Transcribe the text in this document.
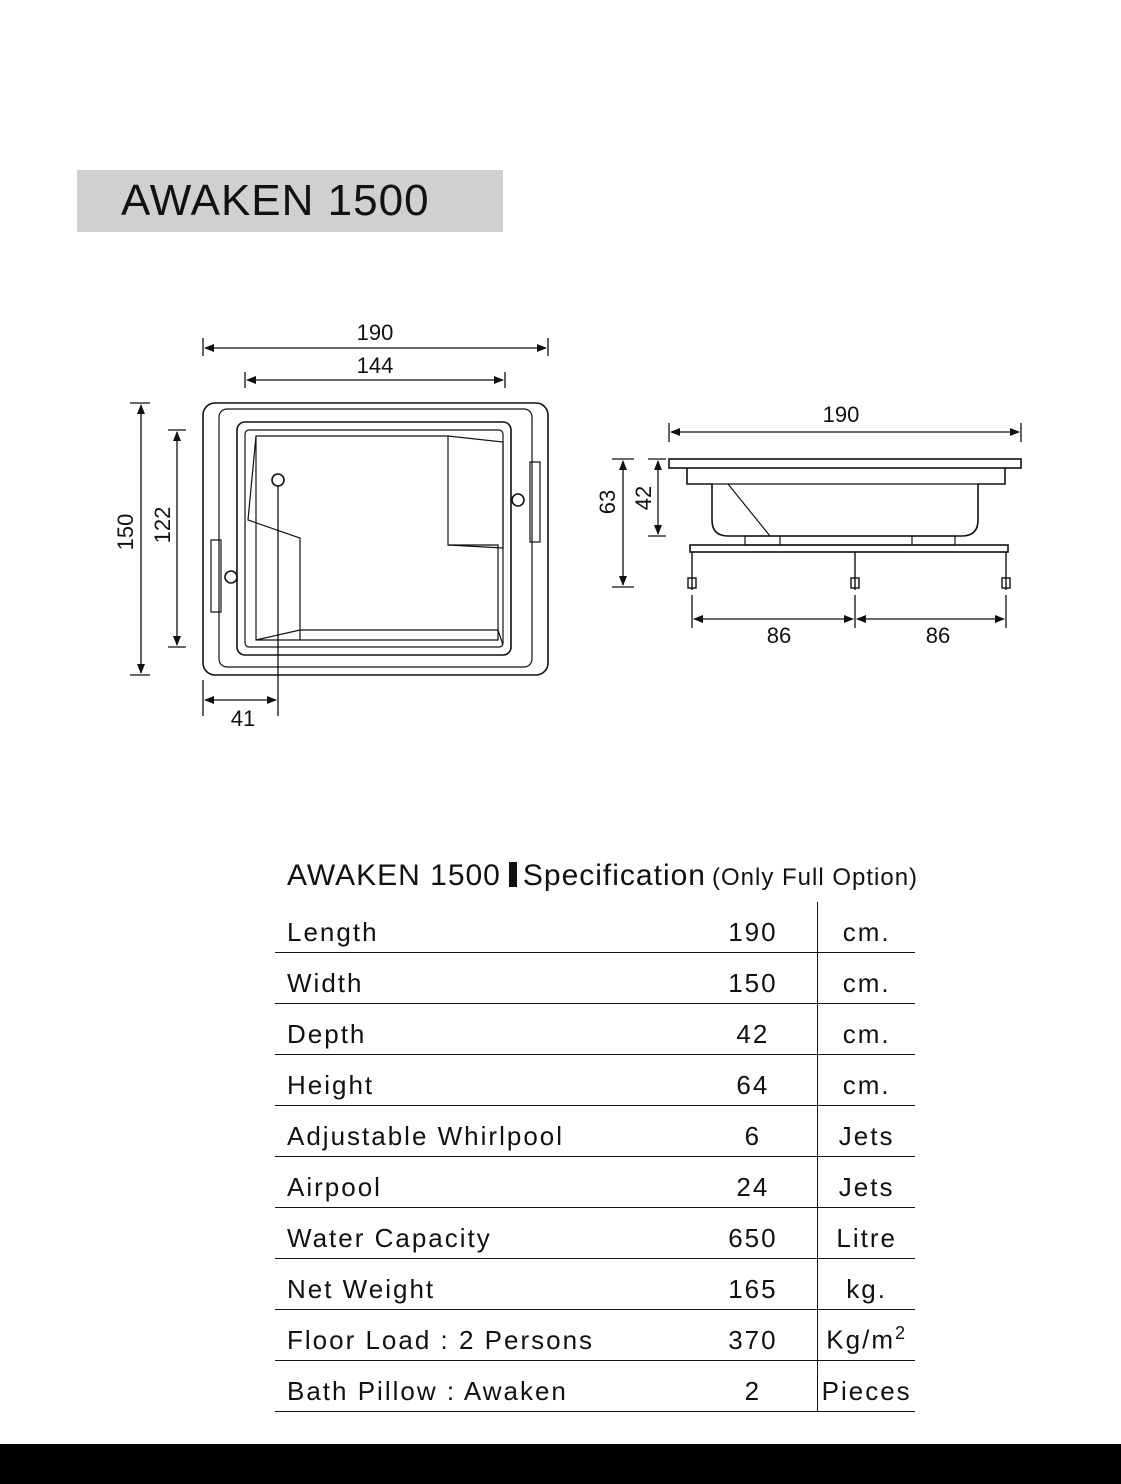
AWAKEN 1500
190
144
150 122
41
190
63 42
86	86
AWAKEN 1500 Specification (Only Full Option)
Length	190	cm.
Width	150	cm.
Depth	42	cm.
Height	64	cm.
Adjustable Whirlpool	6	Jets
Airpool	24	Jets
Water Capacity	650	Litre
Net Weight	165	kg.
Floor Load : 2 Persons	370	$Kg/m^2$
Bath Pillow : Awaken	2	Pieces
